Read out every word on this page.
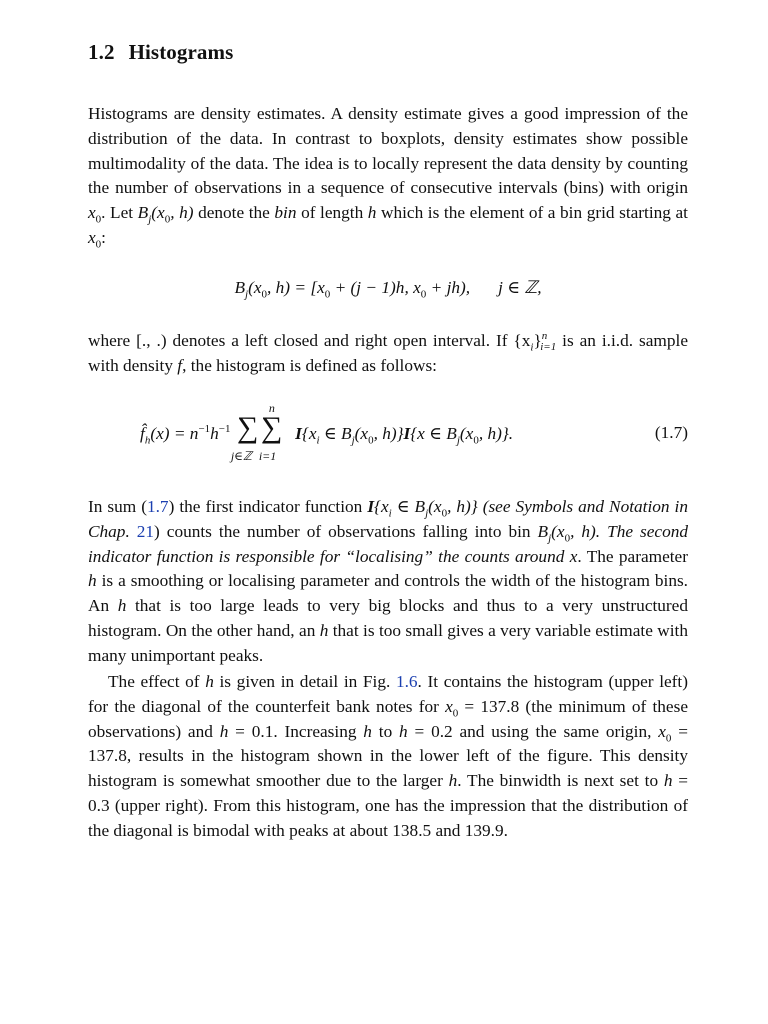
1.2 Histograms

Histograms are density estimates. A density estimate gives a good impression of the distribution of the data. In contrast to boxplots, density estimates show possible multimodality of the data. The idea is to locally represent the data density by counting the number of observations in a sequence of consecutive intervals (bins) with origin $x_0$. Let $B_j(x_0$, h) denote the bin of length h which is the element of a bin grid starting at $x_0$:

$B_j(x_0$, $h) = [x_0 + (j - 1)h$, $x_0 + jh$), j ∈ ℤ,

where [., .) denotes a left closed and right open interval. If $\{x_i\}^n_{i=1}$ is an i.i.d. sample with density f, the histogram is defined as follows:

$f̂_h(x) = n^{-1}h^{-1}$ ∑ ∑
j∈ℤ i=1
n
$I\{x_i$ ∈ $B_j(x_0$, h)}I{x ∈ $B_j(x_0$, h)}.	(1.7)

In sum (1.7) the first indicator function $I\{x_i$ ∈ $B_j(x_0$, h)} (see Symbols and Notation in Chap. 21) counts the number of observations falling into bin $B_j(x_0$, h). The second indicator function is responsible for “localising” the counts around x. The parameter h is a smoothing or localising parameter and controls the width of the histogram bins. An h that is too large leads to very big blocks and thus to a very unstructured histogram. On the other hand, an h that is too small gives a very variable estimate with many unimportant peaks.

The effect of h is given in detail in Fig. 1.6. It contains the histogram (upper left) for the diagonal of the counterfeit bank notes for $x_0 = 137.8$ (the minimum of these observations) and h = 0.1. Increasing h to h = 0.2 and using the same origin, $x_0 = 137.8$, results in the histogram shown in the lower left of the figure. This density histogram is somewhat smoother due to the larger h. The binwidth is next set to h = 0.3 (upper right). From this histogram, one has the impression that the distribution of the diagonal is bimodal with peaks at about 138.5 and 139.9.
